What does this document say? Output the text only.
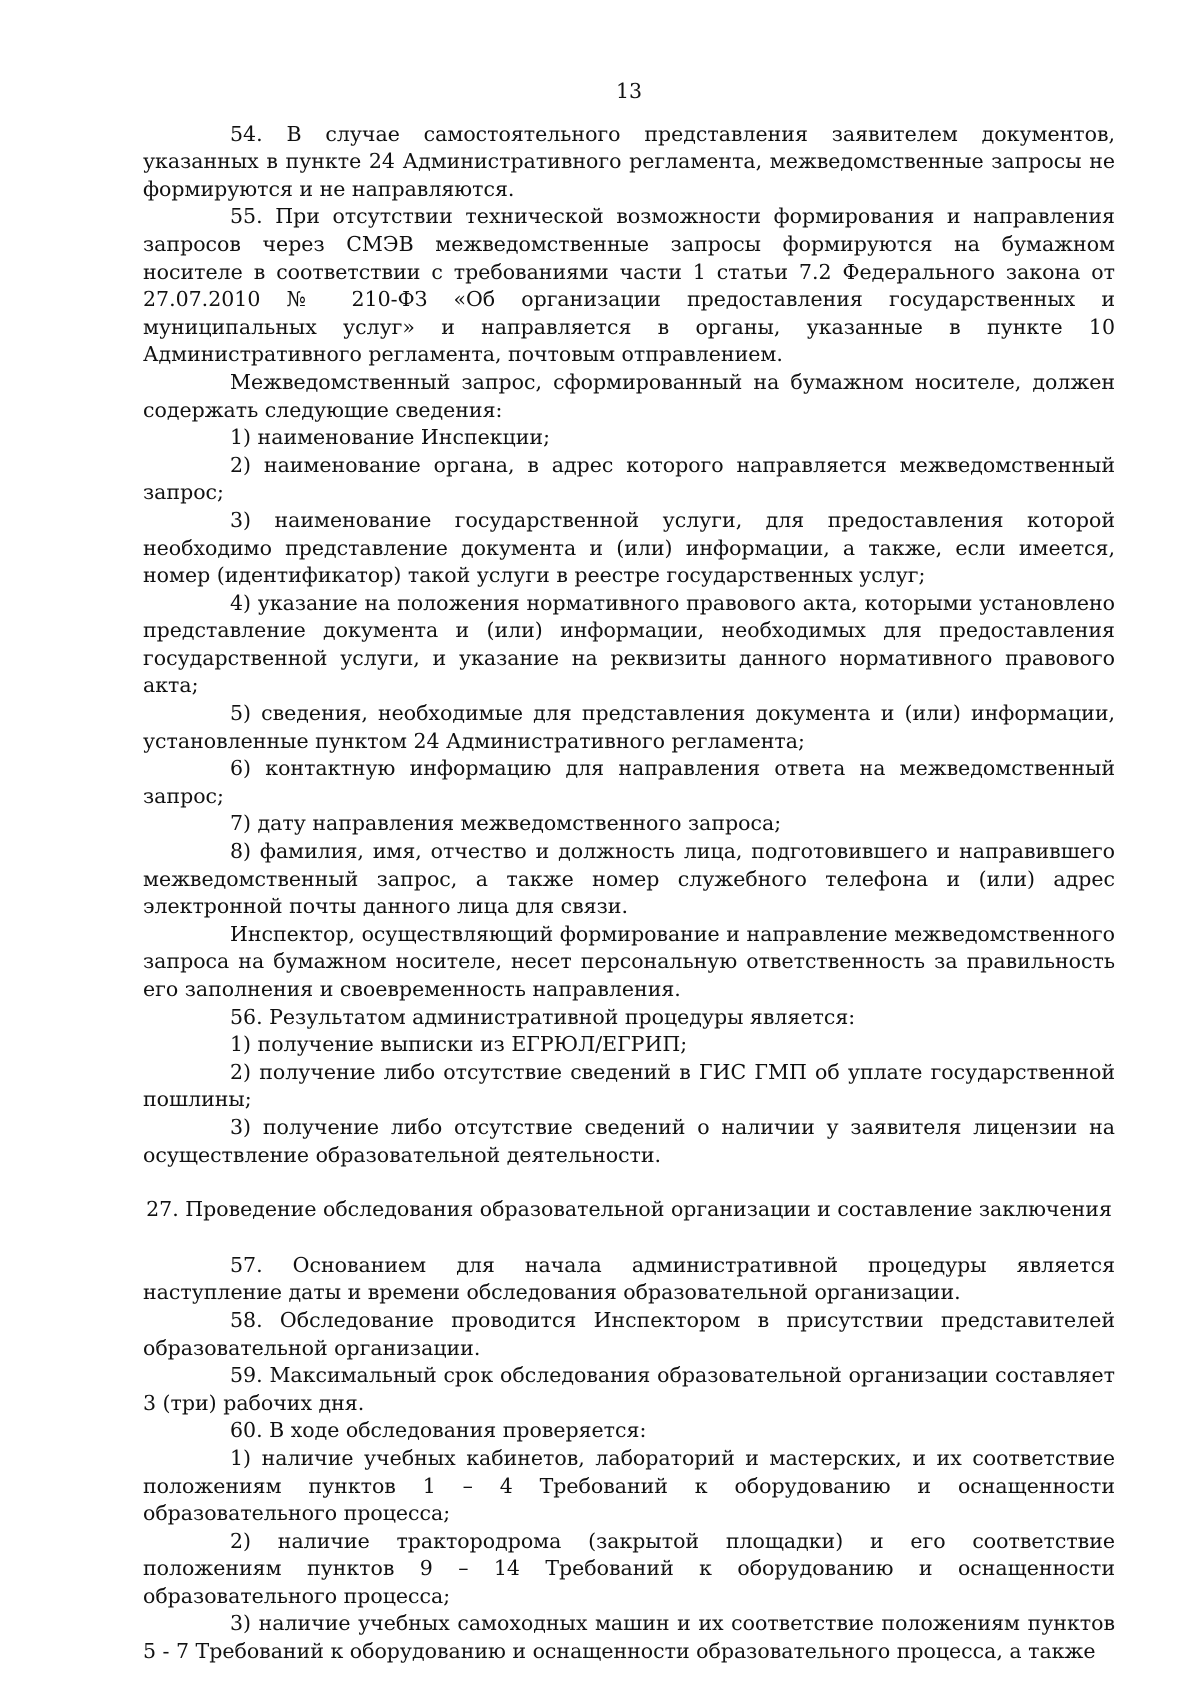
13

54. В случае самостоятельного представления заявителем документов, указанных в пункте 24 Административного регламента, межведомственные запросы не формируются и не направляются.

55. При отсутствии технической возможности формирования и направления запросов через СМЭВ межведомственные запросы формируются на бумажном носителе в соответствии с требованиями части 1 статьи 7.2 Федерального закона от 27.07.2010 № 210-ФЗ «Об организации предоставления государственных и муниципальных услуг» и направляется в органы, указанные в пункте 10 Административного регламента, почтовым отправлением.

Межведомственный запрос, сформированный на бумажном носителе, должен содержать следующие сведения:

1) наименование Инспекции;

2) наименование органа, в адрес которого направляется межведомственный запрос;

3) наименование государственной услуги, для предоставления которой необходимо представление документа и (или) информации, а также, если имеется, номер (идентификатор) такой услуги в реестре государственных услуг;

4) указание на положения нормативного правового акта, которыми установлено представление документа и (или) информации, необходимых для предоставления государственной услуги, и указание на реквизиты данного нормативного правового акта;

5) сведения, необходимые для представления документа и (или) информации, установленные пунктом 24 Административного регламента;

6) контактную информацию для направления ответа на межведомственный запрос;

7) дату направления межведомственного запроса;

8) фамилия, имя, отчество и должность лица, подготовившего и направившего межведомственный запрос, а также номер служебного телефона и (или) адрес электронной почты данного лица для связи.

Инспектор, осуществляющий формирование и направление межведомственного запроса на бумажном носителе, несет персональную ответственность за правильность его заполнения и своевременность направления.

56. Результатом административной процедуры является:

1) получение выписки из ЕГРЮЛ/ЕГРИП;

2) получение либо отсутствие сведений в ГИС ГМП об уплате государственной пошлины;

3) получение либо отсутствие сведений о наличии у заявителя лицензии на осуществление образовательной деятельности.

27. Проведение обследования образовательной организации и составление заключения

57. Основанием для начала административной процедуры является наступление даты и времени обследования образовательной организации.

58. Обследование проводится Инспектором в присутствии представителей образовательной организации.

59. Максимальный срок обследования образовательной организации составляет 3 (три) рабочих дня.

60. В ходе обследования проверяется:

1) наличие учебных кабинетов, лабораторий и мастерских, и их соответствие положениям пунктов 1 – 4 Требований к оборудованию и оснащенности образовательного процесса;

2) наличие трактородрома (закрытой площадки) и его соответствие положениям пунктов 9 – 14 Требований к оборудованию и оснащенности образовательного процесса;

3) наличие учебных самоходных машин и их соответствие положениям пунктов 5 - 7 Требований к оборудованию и оснащенности образовательного процесса, а также
